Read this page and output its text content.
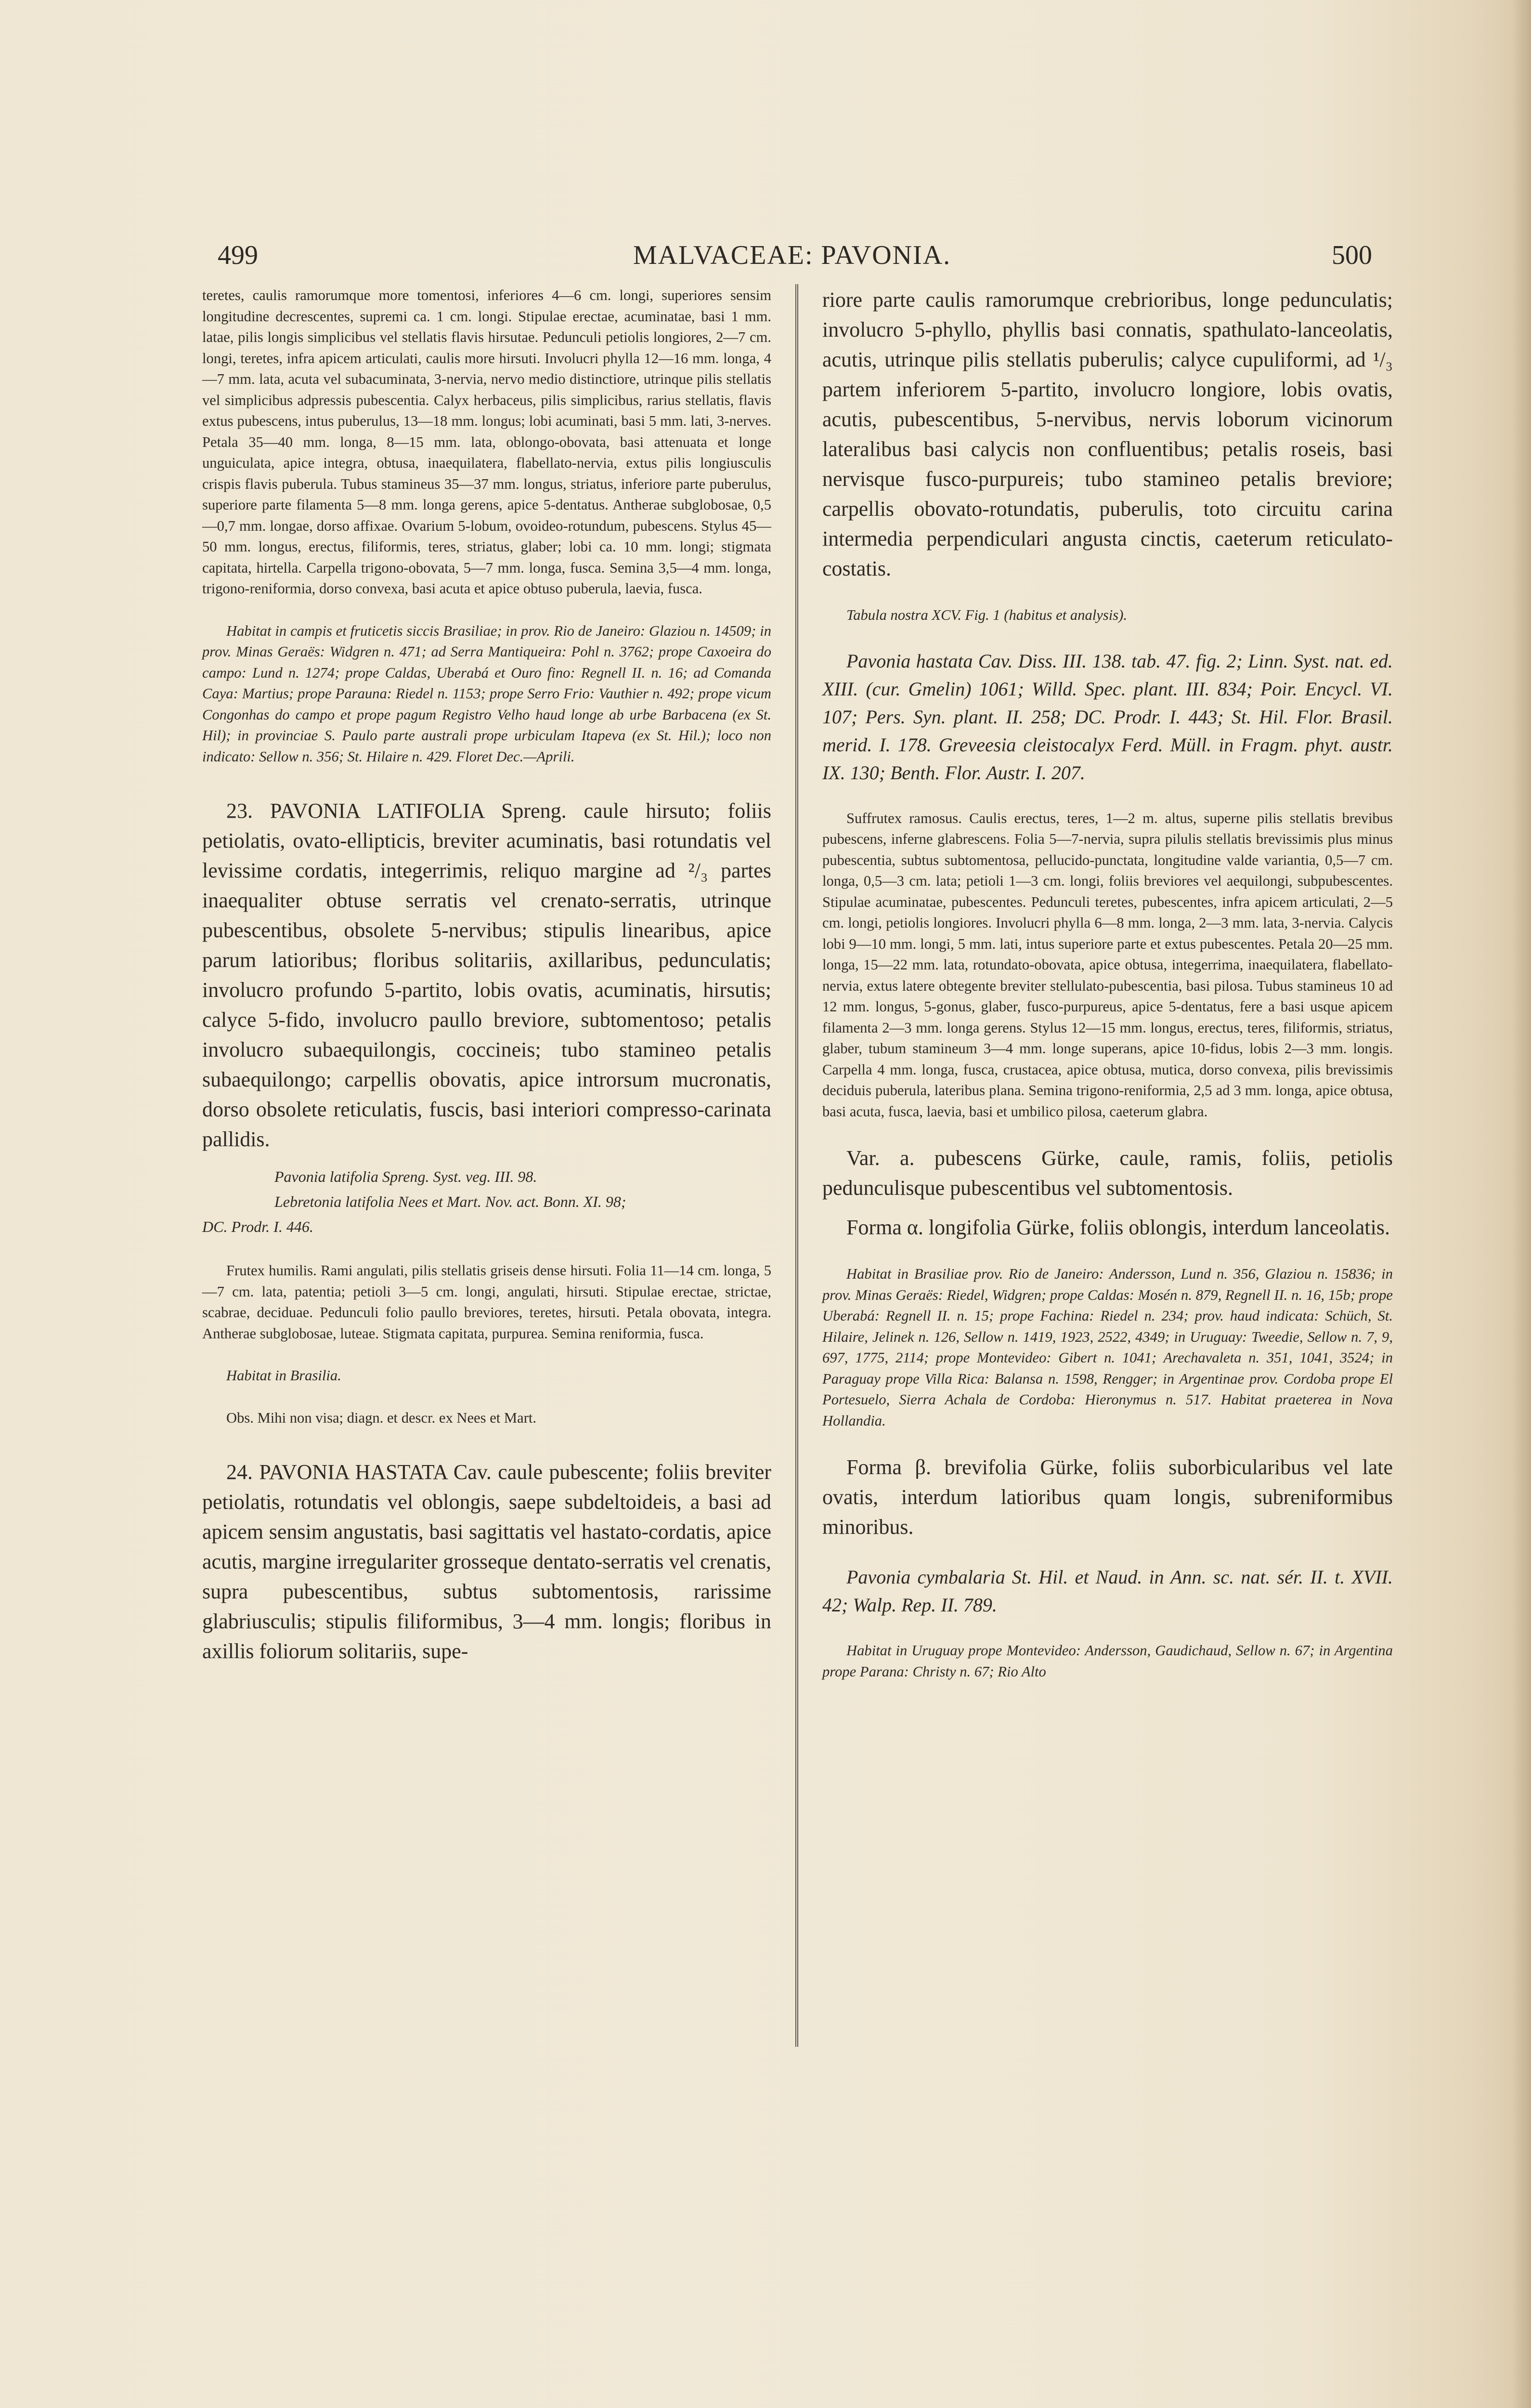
499	MALVACEAE: PAVONIA.	500

teretes, caulis ramorumque more tomentosi, inferiores 4—6 cm. longi, superiores sensim longitudine decrescentes, supremi ca. 1 cm. longi. Stipulae erectae, acuminatae, basi 1 mm. latae, pilis longis simplicibus vel stellatis flavis hirsutae. Pedunculi petiolis longiores, 2—7 cm. longi, teretes, infra apicem articulati, caulis more hirsuti. Involucri phylla 12—16 mm. longa, 4—7 mm. lata, acuta vel subacuminata, 3-nervia, nervo medio distinctiore, utrinque pilis stellatis vel simplicibus adpressis pubescentia. Calyx herbaceus, pilis simplicibus, rarius stellatis, flavis extus pubescens, intus puberulus, 13—18 mm. longus; lobi acuminati, basi 5 mm. lati, 3-nerves. Petala 35—40 mm. longa, 8—15 mm. lata, oblongo-obovata, basi attenuata et longe unguiculata, apice integra, obtusa, inaequilatera, flabellato-nervia, extus pilis longiusculis crispis flavis puberula. Tubus stamineus 35—37 mm. longus, striatus, inferiore parte puberulus, superiore parte filamenta 5—8 mm. longa gerens, apice 5-dentatus. Antherae subglobosae, 0,5—0,7 mm. longae, dorso affixae. Ovarium 5-lobum, ovoideo-rotundum, pubescens. Stylus 45—50 mm. longus, erectus, filiformis, teres, striatus, glaber; lobi ca. 10 mm. longi; stigmata capitata, hirtella. Carpella trigono-obovata, 5—7 mm. longa, fusca. Semina 3,5—4 mm. longa, trigono-reniformia, dorso convexa, basi acuta et apice obtuso puberula, laevia, fusca.

Habitat in campis et fruticetis siccis Brasiliae; in prov. Rio de Janeiro: Glaziou n. 14509; in prov. Minas Geraës: Widgren n. 471; ad Serra Mantiqueira: Pohl n. 3762; prope Caxoeira do campo: Lund n. 1274; prope Caldas, Uberabá et Ouro fino: Regnell II. n. 16; ad Comanda Caya: Martius; prope Parauna: Riedel n. 1153; prope Serro Frio: Vauthier n. 492; prope vicum Congonhas do campo et prope pagum Registro Velho haud longe ab urbe Barbacena (ex St. Hil); in provinciae S. Paulo parte australi prope urbiculam Itapeva (ex St. Hil.); loco non indicato: Sellow n. 356; St. Hilaire n. 429. Floret Dec.—Aprili.

23. PAVONIA LATIFOLIA Spreng. caule hirsuto; foliis petiolatis, ovato-ellipticis, breviter acuminatis, basi rotundatis vel levissime cordatis, integerrimis, reliquo margine ad ²/₃ partes inaequaliter obtuse serratis vel crenato-serratis, utrinque pubescentibus, obsolete 5-nervibus; stipulis linearibus, apice parum latioribus; floribus solitariis, axillaribus, pedunculatis; involucro profundo 5-partito, lobis ovatis, acuminatis, hirsutis; calyce 5-fido, involucro paullo breviore, subtomentoso; petalis involucro subaequilongis, coccineis; tubo stamineo petalis subaequilongo; carpellis obovatis, apice introrsum mucronatis, dorso obsolete reticulatis, fuscis, basi interiori compresso-carinata pallidis.

Pavonia latifolia Spreng. Syst. veg. III. 98.

Lebretonia latifolia Nees et Mart. Nov. act. Bonn. XI. 98;

DC. Prodr. I. 446.

Frutex humilis. Rami angulati, pilis stellatis griseis dense hirsuti. Folia 11—14 cm. longa, 5—7 cm. lata, patentia; petioli 3—5 cm. longi, angulati, hirsuti. Stipulae erectae, strictae, scabrae, deciduae. Pedunculi folio paullo breviores, teretes, hirsuti. Petala obovata, integra. Antherae subglobosae, luteae. Stigmata capitata, purpurea. Semina reniformia, fusca.

Habitat in Brasilia.

Obs. Mihi non visa; diagn. et descr. ex Nees et Mart.

24. PAVONIA HASTATA Cav. caule pubescente; foliis breviter petiolatis, rotundatis vel oblongis, saepe subdeltoideis, a basi ad apicem sensim angustatis, basi sagittatis vel hastato-cordatis, apice acutis, margine irregulariter grosseque dentato-serratis vel crenatis, supra pubescentibus, subtus subtomentosis, rarissime glabriusculis; stipulis filiformibus, 3—4 mm. longis; floribus in axillis foliorum solitariis, supe-

riore parte caulis ramorumque crebrioribus, longe pedunculatis; involucro 5-phyllo, phyllis basi connatis, spathulato-lanceolatis, acutis, utrinque pilis stellatis puberulis; calyce cupuliformi, ad ¹/₃ partem inferiorem 5-partito, involucro longiore, lobis ovatis, acutis, pubescentibus, 5-nervibus, nervis loborum vicinorum lateralibus basi calycis non confluentibus; petalis roseis, basi nervisque fusco-purpureis; tubo stamineo petalis breviore; carpellis obovato-rotundatis, puberulis, toto circuitu carina intermedia perpendiculari angusta cinctis, caeterum reticulato-costatis.

Tabula nostra XCV. Fig. 1 (habitus et analysis).

Pavonia hastata Cav. Diss. III. 138. tab. 47. fig. 2; Linn. Syst. nat. ed. XIII. (cur. Gmelin) 1061; Willd. Spec. plant. III. 834; Poir. Encycl. VI. 107; Pers. Syn. plant. II. 258; DC. Prodr. I. 443; St. Hil. Flor. Brasil. merid. I. 178. Greveesia cleistocalyx Ferd. Müll. in Fragm. phyt. austr. IX. 130; Benth. Flor. Austr. I. 207.

Suffrutex ramosus. Caulis erectus, teres, 1—2 m. altus, superne pilis stellatis brevibus pubescens, inferne glabrescens. Folia 5—7-nervia, supra pilulis stellatis brevissimis plus minus pubescentia, subtus subtomentosa, pellucido-punctata, longitudine valde variantia, 0,5—7 cm. longa, 0,5—3 cm. lata; petioli 1—3 cm. longi, foliis breviores vel aequilongi, subpubescentes. Stipulae acuminatae, pubescentes. Pedunculi teretes, pubescentes, infra apicem articulati, 2—5 cm. longi, petiolis longiores. Involucri phylla 6—8 mm. longa, 2—3 mm. lata, 3-nervia. Calycis lobi 9—10 mm. longi, 5 mm. lati, intus superiore parte et extus pubescentes. Petala 20—25 mm. longa, 15—22 mm. lata, rotundato-obovata, apice obtusa, integerrima, inaequilatera, flabellato-nervia, extus latere obtegente breviter stellulato-pubescentia, basi pilosa. Tubus stamineus 10 ad 12 mm. longus, 5-gonus, glaber, fusco-purpureus, apice 5-dentatus, fere a basi usque apicem filamenta 2—3 mm. longa gerens. Stylus 12—15 mm. longus, erectus, teres, filiformis, striatus, glaber, tubum stamineum 3—4 mm. longe superans, apice 10-fidus, lobis 2—3 mm. longis. Carpella 4 mm. longa, fusca, crustacea, apice obtusa, mutica, dorso convexa, pilis brevissimis deciduis puberula, lateribus plana. Semina trigono-reniformia, 2,5 ad 3 mm. longa, apice obtusa, basi acuta, fusca, laevia, basi et umbilico pilosa, caeterum glabra.

Var. a. pubescens Gürke, caule, ramis, foliis, petiolis pedunculisque pubescentibus vel subtomentosis.

Forma α. longifolia Gürke, foliis oblongis, interdum lanceolatis.

Habitat in Brasiliae prov. Rio de Janeiro: Andersson, Lund n. 356, Glaziou n. 15836; in prov. Minas Geraës: Riedel, Widgren; prope Caldas: Mosén n. 879, Regnell II. n. 16, 15b; prope Uberabá: Regnell II. n. 15; prope Fachina: Riedel n. 234; prov. haud indicata: Schüch, St. Hilaire, Jelinek n. 126, Sellow n. 1419, 1923, 2522, 4349; in Uruguay: Tweedie, Sellow n. 7, 9, 697, 1775, 2114; prope Montevideo: Gibert n. 1041; Arechavaleta n. 351, 1041, 3524; in Paraguay prope Villa Rica: Balansa n. 1598, Rengger; in Argentinae prov. Cordoba prope El Portesuelo, Sierra Achala de Cordoba: Hieronymus n. 517. Habitat praeterea in Nova Hollandia.

Forma β. brevifolia Gürke, foliis suborbicularibus vel late ovatis, interdum latioribus quam longis, subreniformibus minoribus.

Pavonia cymbalaria St. Hil. et Naud. in Ann. sc. nat. sér. II. t. XVII. 42; Walp. Rep. II. 789.

Habitat in Uruguay prope Montevideo: Andersson, Gaudichaud, Sellow n. 67; in Argentina prope Parana: Christy n. 67; Rio Alto
